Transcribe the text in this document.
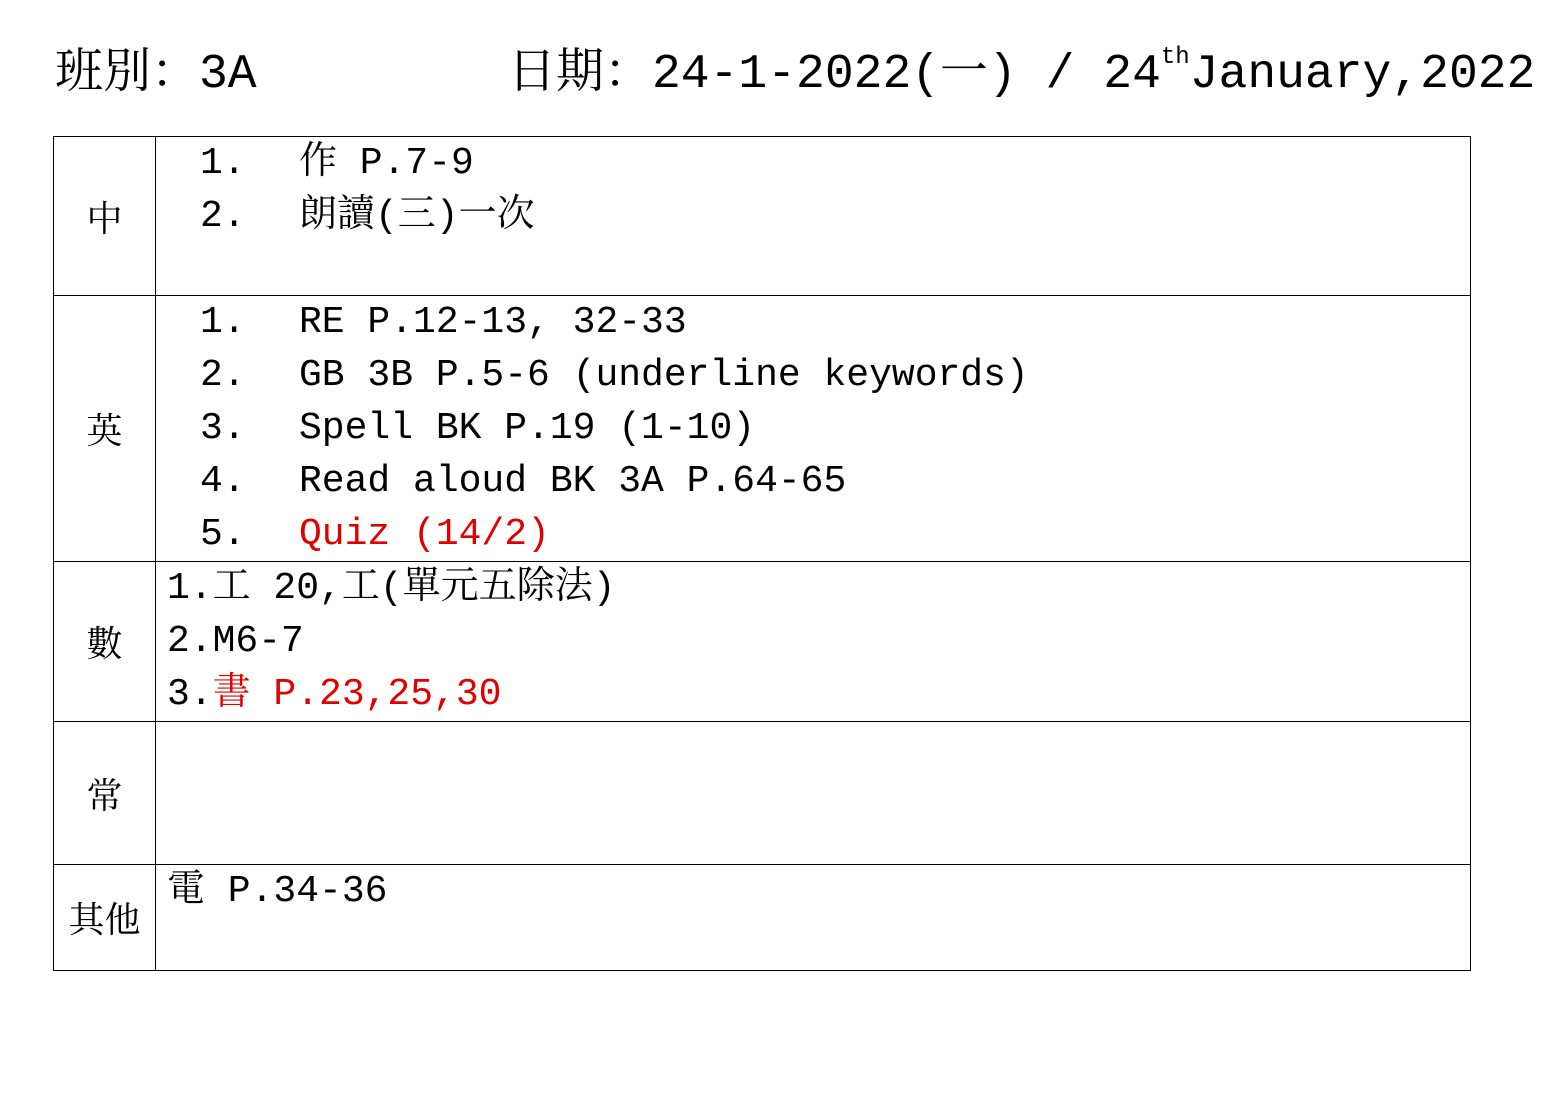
班別：3A	日期：24-1-2022(一) / 24thJanuary,2022
中	1. 作 P.7-9
2. 朗讀(三)一次

英	1. RE P.12-13, 32-33
2. GB 3B P.5-6 (underline keywords)
3. Spell BK P.19 (1-10)
4. Read aloud BK 3A P.64-65
5. Quiz (14/2)

數	1.工 20,工(單元五除法)
2.M6-7
3.書 P.23,25,30

常	
其他	電 P.34-36
